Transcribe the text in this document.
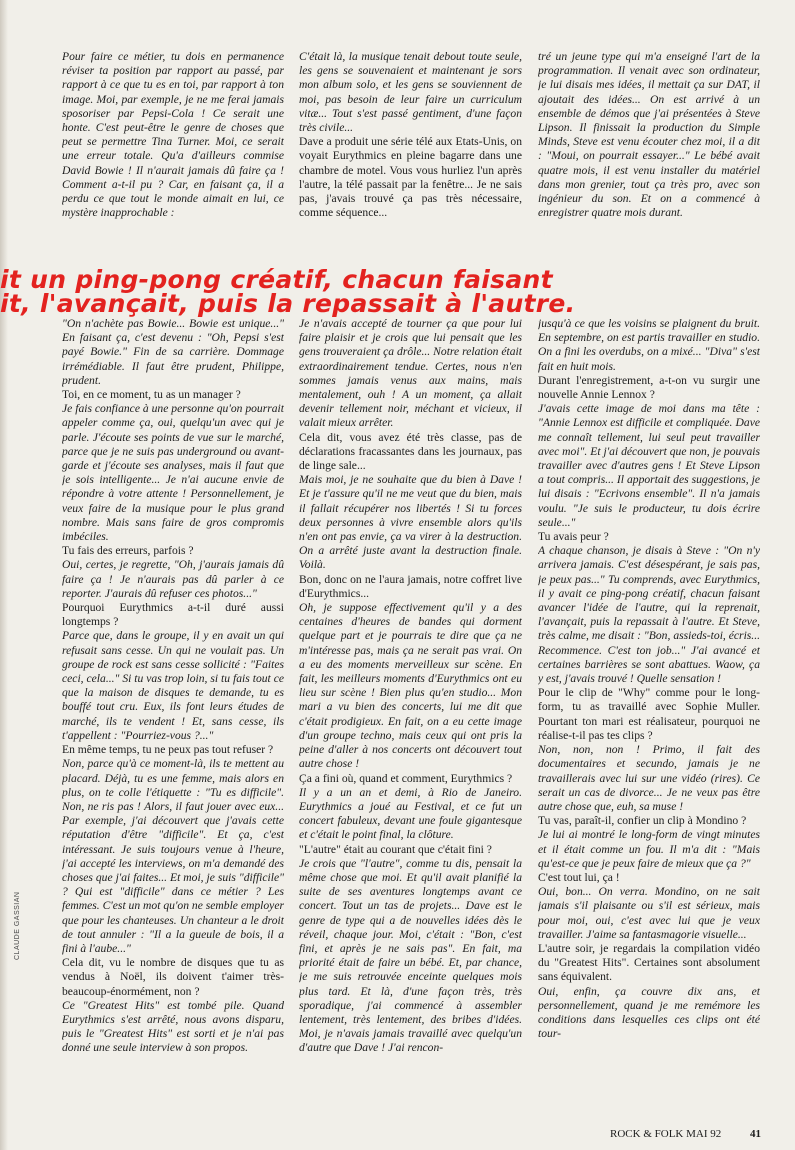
Pour faire ce métier, tu dois en permanence réviser ta position par rapport au passé, par rapport à ce que tu es en toi, par rapport à ton image. Moi, par exemple, je ne me ferai jamais sposoriser par Pepsi-Cola ! Ce serait une honte. C'est peut-être le genre de choses que peut se permettre Tina Turner. Moi, ce serait une erreur totale. Qu'a d'ailleurs commise David Bowie ! Il n'aurait jamais dû faire ça ! Comment a-t-il pu ? Car, en faisant ça, il a perdu ce que tout le monde aimait en lui, ce mystère inapprochable :

C'était là, la musique tenait debout toute seule, les gens se souvenaient et maintenant je sors mon album solo, et les gens se souviennent de moi, pas besoin de leur faire un curriculum vitæ... Tout s'est passé gentiment, d'une façon très civile...

Dave a produit une série télé aux Etats-Unis, on voyait Eurythmics en pleine bagarre dans une chambre de motel. Vous vous hurliez l'un après l'autre, la télé passait par la fenêtre... Je ne sais pas, j'avais trouvé ça pas très nécessaire, comme séquence...

tré un jeune type qui m'a enseigné l'art de la programmation. Il venait avec son ordinateur, je lui disais mes idées, il mettait ça sur DAT, il ajoutait des idées... On est arrivé à un ensemble de démos que j'ai présentées à Steve Lipson. Il finissait la production du Simple Minds, Steve est venu écouter chez moi, il a dit : "Moui, on pourrait essayer..." Le bébé avait quatre mois, il est venu installer du matériel dans mon grenier, tout ça très pro, avec son ingénieur du son. Et on a commencé à enregistrer quatre mois durant.

it un ping-pong créatif, chacun faisant
it, l'avançait, puis la repassait à l'autre.

"On n'achète pas Bowie... Bowie est unique..." En faisant ça, c'est devenu : "Oh, Pepsi s'est payé Bowie." Fin de sa carrière. Dommage irrémédiable. Il faut être prudent, Philippe, prudent.

Toi, en ce moment, tu as un manager ?

Je fais confiance à une personne qu'on pourrait appeler comme ça, oui, quelqu'un avec qui je parle. J'écoute ses points de vue sur le marché, parce que je ne suis pas underground ou avant-garde et j'écoute ses analyses, mais il faut que je sois intelligente... Je n'ai aucune envie de répondre à votre attente ! Personnellement, je veux faire de la musique pour le plus grand nombre. Mais sans faire de gros compromis imbéciles.

Tu fais des erreurs, parfois ?

Oui, certes, je regrette, "Oh, j'aurais jamais dû faire ça ! Je n'aurais pas dû parler à ce reporter. J'aurais dû refuser ces photos..."

Pourquoi Eurythmics a-t-il duré aussi longtemps ?

Parce que, dans le groupe, il y en avait un qui refusait sans cesse. Un qui ne voulait pas. Un groupe de rock est sans cesse sollicité : "Faites ceci, cela..." Si tu vas trop loin, si tu fais tout ce que la maison de disques te demande, tu es bouffé tout cru. Eux, ils font leurs études de marché, ils te vendent ! Et, sans cesse, ils t'appellent : "Pourriez-vous ?..."

En même temps, tu ne peux pas tout refuser ?

Non, parce qu'à ce moment-là, ils te mettent au placard. Déjà, tu es une femme, mais alors en plus, on te colle l'étiquette : "Tu es difficile". Non, ne ris pas ! Alors, il faut jouer avec eux... Par exemple, j'ai découvert que j'avais cette réputation d'être "difficile". Et ça, c'est intéressant. Je suis toujours venue à l'heure, j'ai accepté les interviews, on m'a demandé des choses que j'ai faites... Et moi, je suis "difficile" ? Qui est "difficile" dans ce métier ? Les femmes. C'est un mot qu'on ne semble employer que pour les chanteuses. Un chanteur a le droit de tout annuler : "Il a la gueule de bois, il a fini à l'aube..."

Cela dit, vu le nombre de disques que tu as vendus à Noël, ils doivent t'aimer très-beaucoup-énormément, non ?

Ce "Greatest Hits" est tombé pile. Quand Eurythmics s'est arrêté, nous avons disparu, puis le "Greatest Hits" est sorti et je n'ai pas donné une seule interview à son propos.

Je n'avais accepté de tourner ça que pour lui faire plaisir et je crois que lui pensait que les gens trouveraient ça drôle... Notre relation était extraordinairement tendue. Certes, nous n'en sommes jamais venus aux mains, mais mentalement, ouh ! A un moment, ça allait devenir tellement noir, méchant et vicieux, il valait mieux arrêter.

Cela dit, vous avez été très classe, pas de déclarations fracassantes dans les journaux, pas de linge sale...

Mais moi, je ne souhaite que du bien à Dave ! Et je t'assure qu'il ne me veut que du bien, mais il fallait récupérer nos libertés ! Si tu forces deux personnes à vivre ensemble alors qu'ils n'en ont pas envie, ça va virer à la destruction. On a arrêté juste avant la destruction finale. Voilà.

Bon, donc on ne l'aura jamais, notre coffret live d'Eurythmics...

Oh, je suppose effectivement qu'il y a des centaines d'heures de bandes qui dorment quelque part et je pourrais te dire que ça ne m'intéresse pas, mais ça ne serait pas vrai. On a eu des moments merveilleux sur scène. En fait, les meilleurs moments d'Eurythmics ont eu lieu sur scène ! Bien plus qu'en studio... Mon mari a vu bien des concerts, lui me dit que c'était prodigieux. En fait, on a eu cette image d'un groupe techno, mais ceux qui ont pris la peine d'aller à nos concerts ont découvert tout autre chose !

Ça a fini où, quand et comment, Eurythmics ?

Il y a un an et demi, à Rio de Janeiro. Eurythmics a joué au Festival, et ce fut un concert fabuleux, devant une foule gigantesque et c'était le point final, la clôture.

"L'autre" était au courant que c'était fini ?

Je crois que "l'autre", comme tu dis, pensait la même chose que moi. Et qu'il avait planifié la suite de ses aventures longtemps avant ce concert. Tout un tas de projets... Dave est le genre de type qui a de nouvelles idées dès le réveil, chaque jour. Moi, c'était : "Bon, c'est fini, et après je ne sais pas". En fait, ma priorité était de faire un bébé. Et, par chance, je me suis retrouvée enceinte quelques mois plus tard. Et là, d'une façon très, très sporadique, j'ai commencé à assembler lentement, très lentement, des bribes d'idées. Moi, je n'avais jamais travaillé avec quelqu'un d'autre que Dave ! J'ai rencon-

jusqu'à ce que les voisins se plaignent du bruit. En septembre, on est partis travailler en studio. On a fini les overdubs, on a mixé... "Diva" s'est fait en huit mois.

Durant l'enregistrement, a-t-on vu surgir une nouvelle Annie Lennox ?

J'avais cette image de moi dans ma tête : "Annie Lennox est difficile et compliquée. Dave me connaît tellement, lui seul peut travailler avec moi". Et j'ai découvert que non, je pouvais travailler avec d'autres gens ! Et Steve Lipson a tout compris... Il apportait des suggestions, je lui disais : "Ecrivons ensemble". Il n'a jamais voulu. "Je suis le producteur, tu dois écrire seule..."

Tu avais peur ?

A chaque chanson, je disais à Steve : "On n'y arrivera jamais. C'est désespérant, je sais pas, je peux pas..." Tu comprends, avec Eurythmics, il y avait ce ping-pong créatif, chacun faisant avancer l'idée de l'autre, qui la reprenait, l'avançait, puis la repassait à l'autre. Et Steve, très calme, me disait : "Bon, assieds-toi, écris... Recommence. C'est ton job..." J'ai avancé et certaines barrières se sont abattues. Waow, ça y est, j'avais trouvé ! Quelle sensation !

Pour le clip de "Why" comme pour le long-form, tu as travaillé avec Sophie Muller. Pourtant ton mari est réalisateur, pourquoi ne réalise-t-il pas tes clips ?

Non, non, non ! Primo, il fait des documentaires et secundo, jamais je ne travaillerais avec lui sur une vidéo (rires). Ce serait un cas de divorce... Je ne veux pas être autre chose que, euh, sa muse !

Tu vas, paraît-il, confier un clip à Mondino ?

Je lui ai montré le long-form de vingt minutes et il était comme un fou. Il m'a dit : "Mais qu'est-ce que je peux faire de mieux que ça ?"

C'est tout lui, ça !

Oui, bon... On verra. Mondino, on ne sait jamais s'il plaisante ou s'il est sérieux, mais pour moi, oui, c'est avec lui que je veux travailler. J'aime sa fantasmagorie visuelle...

L'autre soir, je regardais la compilation vidéo du "Greatest Hits". Certaines sont absolument sans équivalent.

Oui, enfin, ça couvre dix ans, et personnellement, quand je me remémore les conditions dans lesquelles ces clips ont été tour-

CLAUDE GASSIAN
ROCK & FOLK MAI 92	41
